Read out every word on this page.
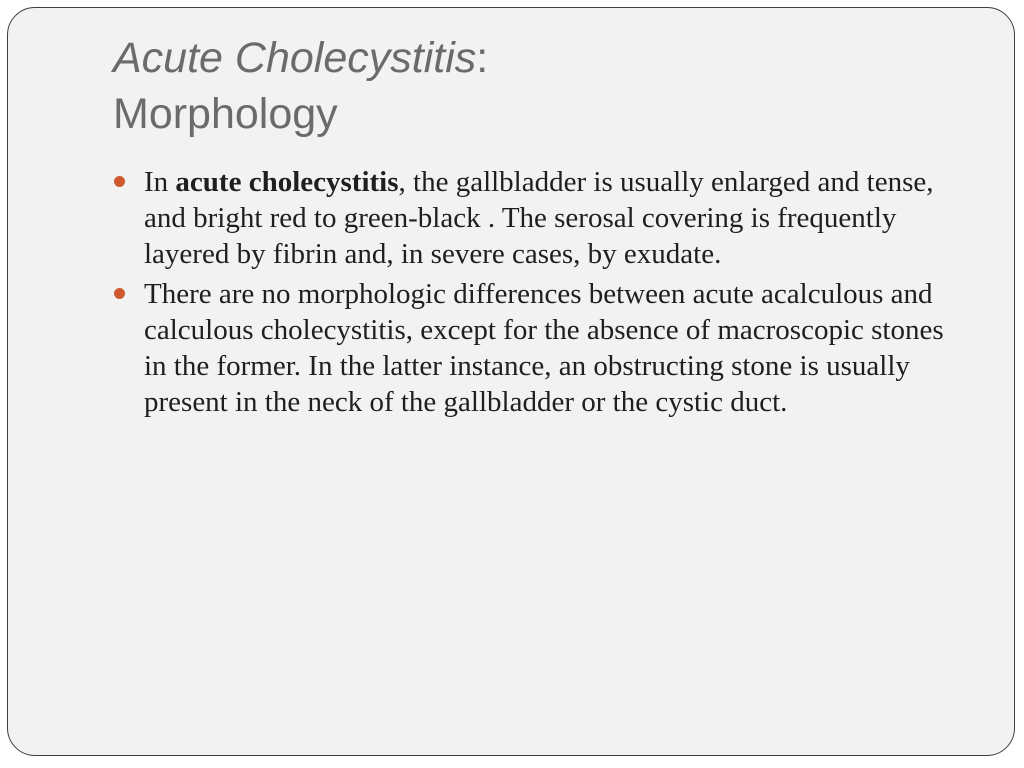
Acute Cholecystitis:
Morphology
In acute cholecystitis, the gallbladder is usually enlarged and tense, and bright red to green-black . The serosal covering is frequently layered by fibrin and, in severe cases, by exudate.
There are no morphologic differences between acute acalculous and calculous cholecystitis, except for the absence of macroscopic stones in the former. In the latter instance, an obstructing stone is usually present in the neck of the gallbladder or the cystic duct.
